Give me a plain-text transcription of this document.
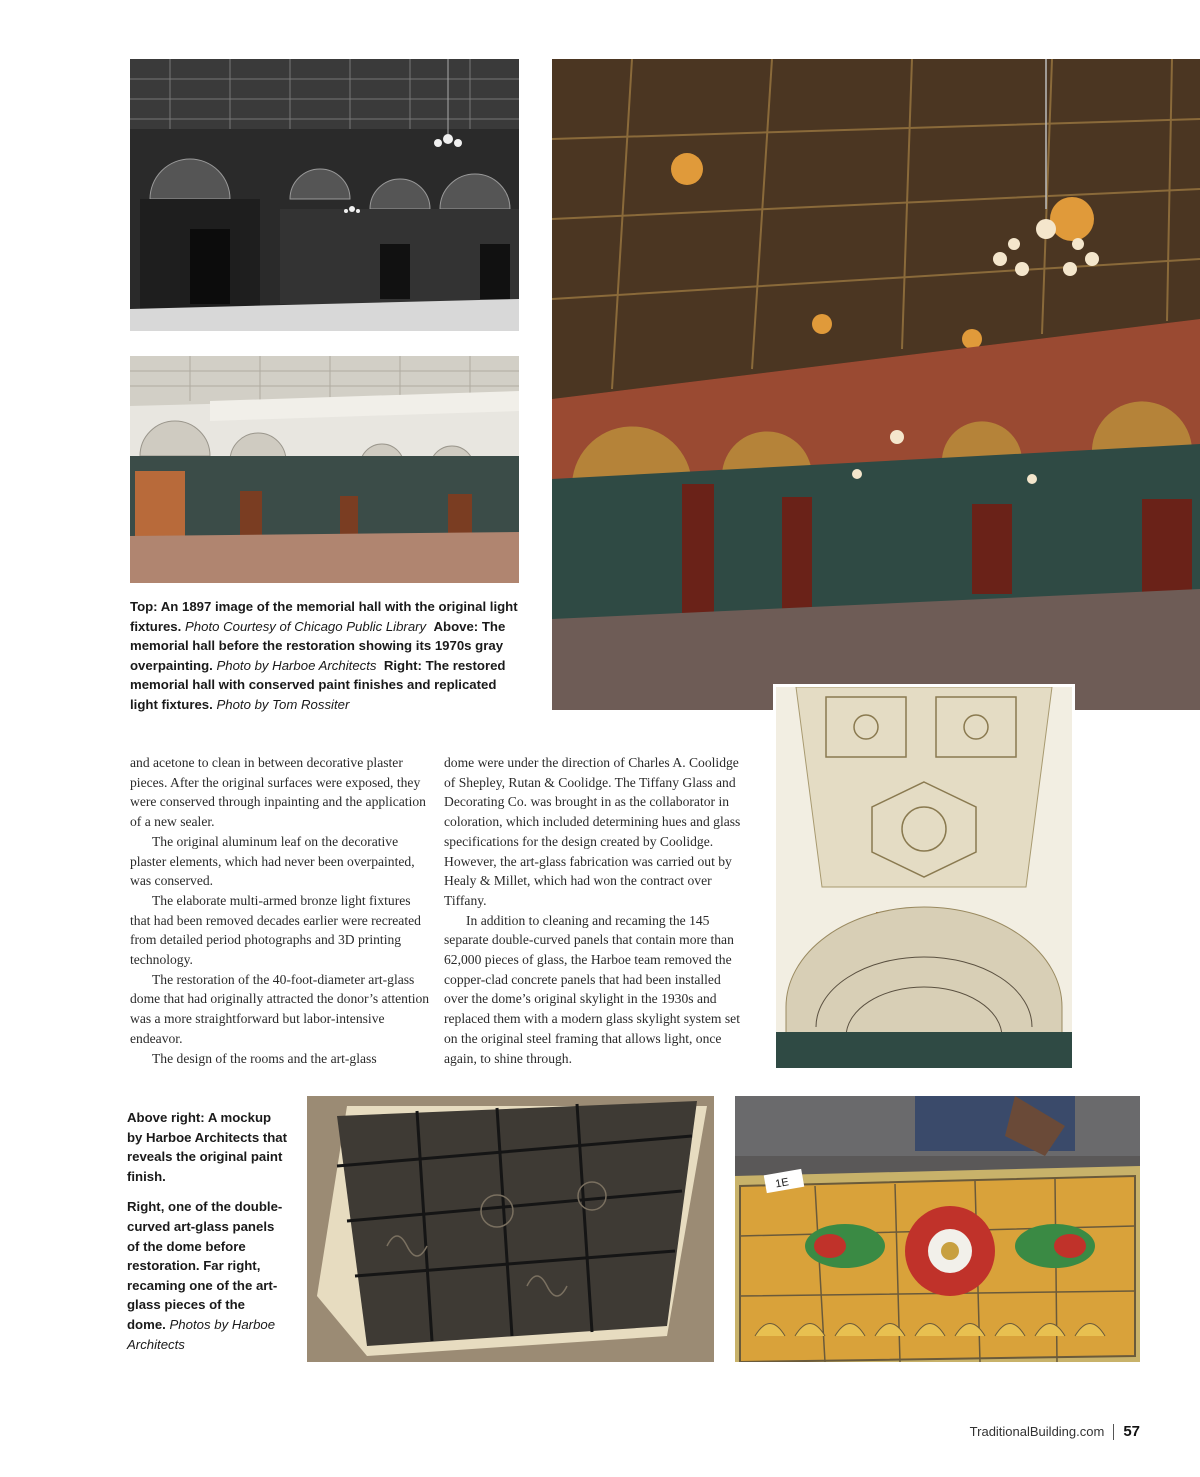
1E
Top: An 1897 image of the memorial hall with the original light fixtures. Photo Courtesy of Chicago Public Library Above: The memorial hall before the restoration showing its 1970s gray overpainting. Photo by Harboe Architects Right: The restored memorial hall with conserved paint finishes and replicated light fixtures. Photo by Tom Rossiter

and acetone to clean in between decorative plaster pieces. After the original surfaces were exposed, they were conserved through inpainting and the application of a new sealer.

The original aluminum leaf on the decorative plaster elements, which had never been overpainted, was conserved.

The elaborate multi-armed bronze light fixtures that had been removed decades earlier were recreated from detailed period photographs and 3D printing technology.

The restoration of the 40-foot-diameter art-glass dome that had originally attracted the donor’s attention was a more straightforward but labor-intensive endeavor.

The design of the rooms and the art-glass

dome were under the direction of Charles A. Coolidge of Shepley, Rutan & Coolidge. The Tiffany Glass and Decorating Co. was brought in as the collaborator in coloration, which included determining hues and glass specifications for the design created by Coolidge. However, the art-glass fabrication was carried out by Healy & Millet, which had won the contract over Tiffany.

In addition to cleaning and recaming the 145 separate double-curved panels that contain more than 62,000 pieces of glass, the Harboe team removed the copper-clad concrete panels that had been installed over the dome’s original skylight in the 1930s and replaced them with a modern glass skylight system set on the original steel framing that allows light, once again, to shine through.

Above right: A mockup by Harboe Architects that reveals the original paint finish.

Right, one of the double-curved art-glass panels of the dome before restoration. Far right, recaming one of the art-glass pieces of the dome. Photos by Harboe Architects

TraditionalBuilding.com 57
